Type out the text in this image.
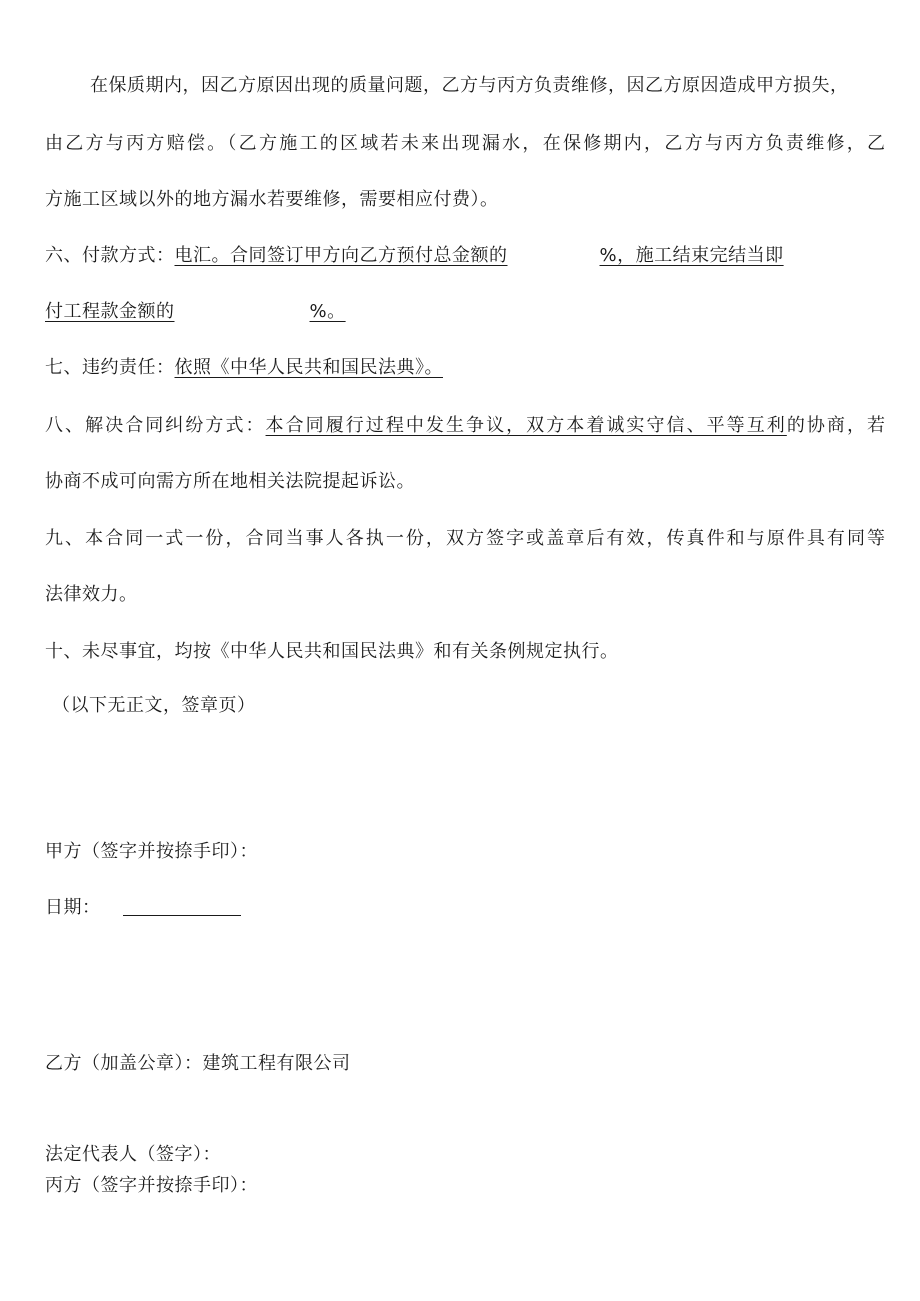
在保质期内，因乙方原因出现的质量问题，乙方与丙方负责维修，因乙方原因造成甲方损失，
由乙方与丙方赔偿。（乙方施工的区域若未来出现漏水，在保修期内，乙方与丙方负责维修，乙
方施工区域以外的地方漏水若要维修，需要相应付费）。
六、付款方式：电汇。合同签订甲方向乙方预付总金额的	%，施工结束完结当即
付工程款金额的	%。
七、违约责任：依照《中华人民共和国民法典》。
八、解决合同纠纷方式：本合同履行过程中发生争议，双方本着诚实守信、平等互利的协商，若
协商不成可向需方所在地相关法院提起诉讼。
九、本合同一式一份，合同当事人各执一份，双方签字或盖章后有效，传真件和与原件具有同等
法律效力。
十、未尽事宜，均按《中华人民共和国民法典》和有关条例规定执行。
（以下无正文，签章页）
甲方（签字并按捺手印）：
日期：
乙方（加盖公章）：建筑工程有限公司
法定代表人（签字）：
丙方（签字并按捺手印）：
